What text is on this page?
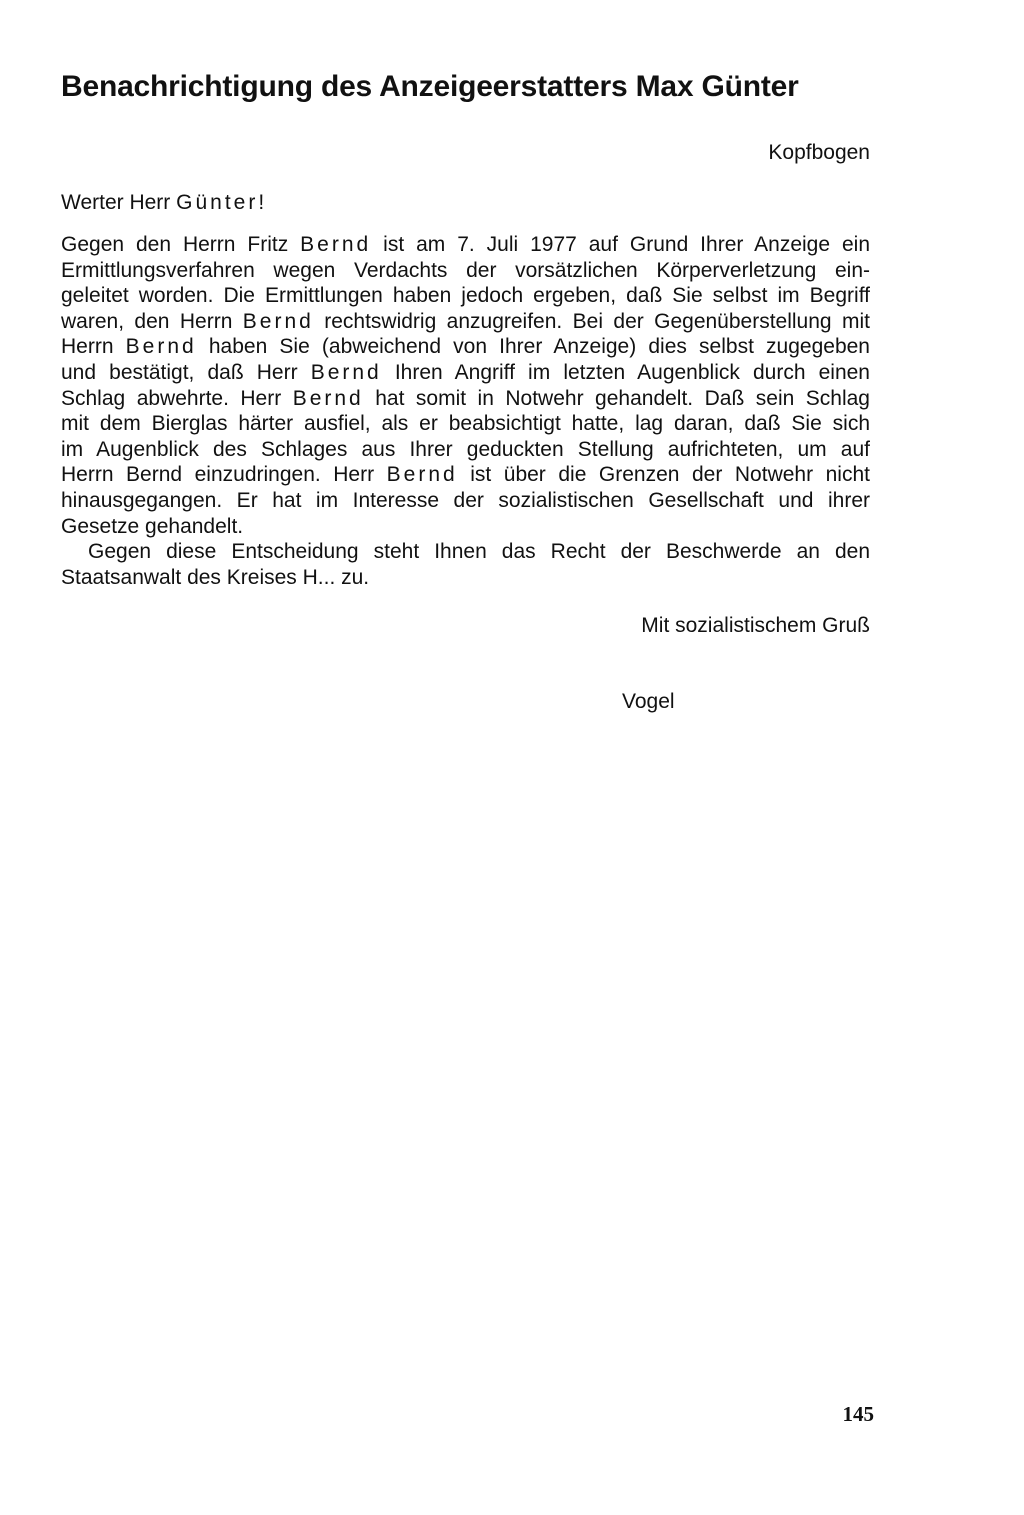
Benachrichtigung des Anzeigeerstatters Max Günter
Kopfbogen
Werter Herr Günter!
Gegen den Herrn Fritz Bernd ist am 7. Juli 1977 auf Grund Ihrer Anzeige ein
Ermittlungsverfahren wegen Verdachts der vorsätzlichen Körperverletzung ein-
geleitet worden. Die Ermittlungen haben jedoch ergeben, daß Sie selbst im Begriff
waren, den Herrn Bernd rechtswidrig anzugreifen. Bei der Gegenüberstellung mit
Herrn Bernd haben Sie (abweichend von Ihrer Anzeige) dies selbst zugegeben
und bestätigt, daß Herr Bernd Ihren Angriff im letzten Augenblick durch einen
Schlag abwehrte. Herr Bernd hat somit in Notwehr gehandelt. Daß sein Schlag
mit dem Bierglas härter ausfiel, als er beabsichtigt hatte, lag daran, daß Sie sich
im Augenblick des Schlages aus Ihrer geduckten Stellung aufrichteten, um auf
Herrn Bernd einzudringen. Herr Bernd ist über die Grenzen der Notwehr nicht
hinausgegangen. Er hat im Interesse der sozialistischen Gesellschaft und ihrer
Gesetze gehandelt.
Gegen diese Entscheidung steht Ihnen das Recht der Beschwerde an den
Staatsanwalt des Kreises H... zu.
Mit sozialistischem Gruß
Vogel
145
